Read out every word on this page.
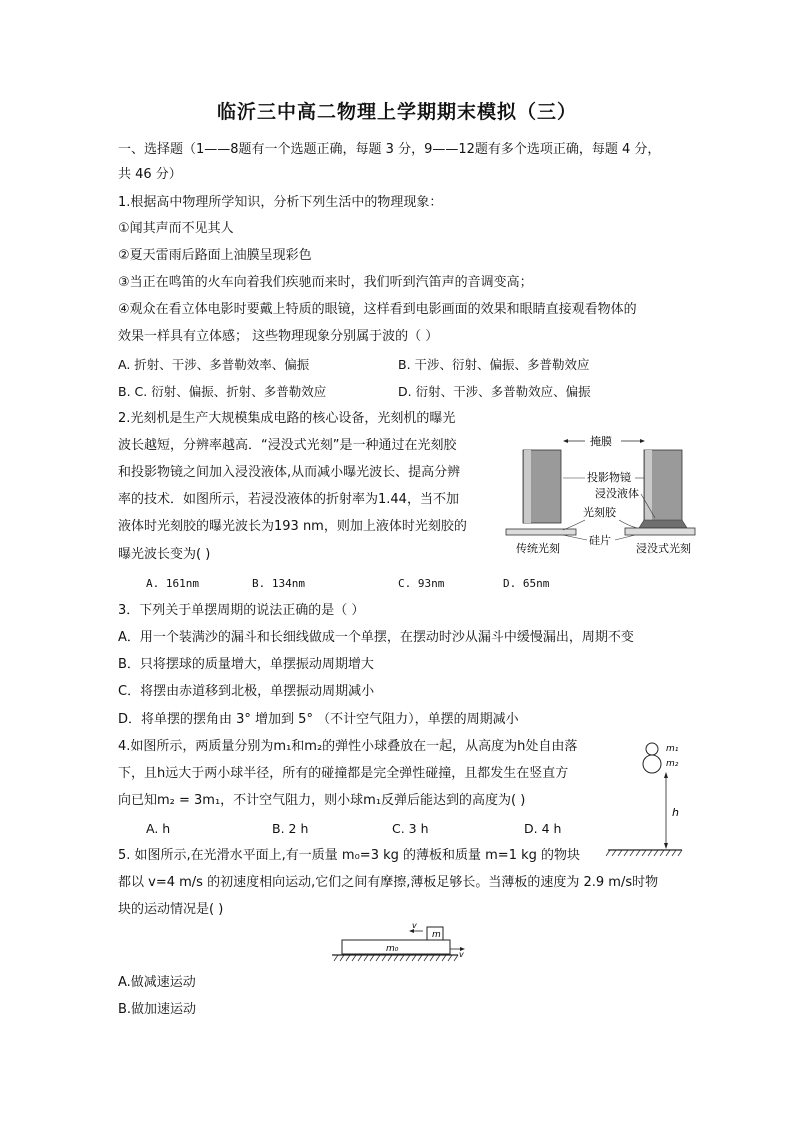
临沂三中高二物理上学期期末模拟（三）
一、选择题（1——8题有一个选题正确，每题 3 分，9——12题有多个选项正确，每题 4 分，
共 46 分）
1.根据高中物理所学知识，分析下列生活中的物理现象：
①闻其声而不见其人
②夏天雷雨后路面上油膜呈现彩色
③当正在鸣笛的火车向着我们疾驰而来时，我们听到汽笛声的音调变高；
④观众在看立体电影时要戴上特质的眼镜，这样看到电影画面的效果和眼睛直接观看物体的
效果一样具有立体感； 这些物理现象分别属于波的（ ）
A. 折射、干涉、多普勒效率、偏振	B. 干涉、衍射、偏振、多普勒效应
B. C. 衍射、偏振、折射、多普勒效应	D. 衍射、干涉、多普勒效应、偏振
2.光刻机是生产大规模集成电路的核心设备，光刻机的曝光
波长越短，分辨率越高．“浸没式光刻”是一种通过在光刻胶
和投影物镜之间加入浸没液体,从而减小曝光波长、提高分辨
率的技术．如图所示，若浸没液体的折射率为1.44，当不加
液体时光刻胶的曝光波长为193 nm，则加上液体时光刻胶的
曝光波长变为( )
A. 161nm	B. 134nm	C. 93nm	D. 65nm
掩膜
投影物镜
浸没液体
光刻胶
硅片
传统光刻	浸没式光刻
3．下列关于单摆周期的说法正确的是（ ）
A．用一个装满沙的漏斗和长细线做成一个单摆，在摆动时沙从漏斗中缓慢漏出，周期不变
B．只将摆球的质量增大，单摆振动周期增大
C．将摆由赤道移到北极，单摆振动周期减小
D．将单摆的摆角由 3° 增加到 5° （不计空气阻力），单摆的周期减小
4.如图所示，两质量分别为m₁和m₂的弹性小球叠放在一起，从高度为h处自由落
下，且h远大于两小球半径，所有的碰撞都是完全弹性碰撞，且都发生在竖直方
向已知m₂ = 3m₁，不计空气阻力，则小球m₁反弹后能达到的高度为( )
A. h	B. 2 h	C. 3 h	D. 4 h
m₁
m₂
h
5. 如图所示,在光滑水平面上,有一质量 m₀=3 kg 的薄板和质量 m=1 kg 的物块
都以 v=4 m/s 的初速度相向运动,它们之间有摩擦,薄板足够长。当薄板的速度为 2.9 m/s时物
块的运动情况是( )
m
v
m₀
v
A.做减速运动
B.做加速运动
